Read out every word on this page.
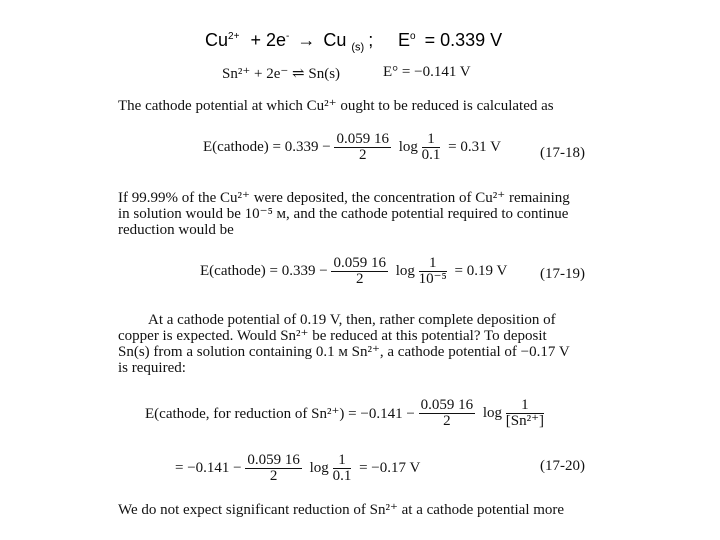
$Cu^{2+} + 2e^- \to Cu$ $_{(s)}$ ; $E^o = 0.339$ V
Sn²⁺ + 2e⁻ ⇌ Sn(s)	E° = −0.141 V
The cathode potential at which Cu²⁺ ought to be reduced is calculated as
E(cathode) = $0.339 - \frac{0.059 16}{2}$ $\log \frac{1}{0.1} = 0.31$ V	(17-18)
If 99.99% of the Cu²⁺ were deposited, the concentration of Cu²⁺ remaining
in solution would be 10⁻⁵ м, and the cathode potential required to continue
reduction would be
E(cathode) = $0.339 - \frac{0.059 16}{2}$ $\log \frac{1}{\text{10⁻⁵}} = 0.19$ V (17-19)
At a cathode potential of 0.19 V, then, rather complete deposition of
copper is expected. Would Sn²⁺ be reduced at this potential? To deposit
Sn(s) from a solution containing 0.1 м Sn²⁺, a cathode potential of −0.17 V
is required:
E(cathode, for reduction of $Sn^{2+}) = -0.141 - \frac{0.059 16}{2}$ $\log \frac{1}{\text{[Sn²⁺]}}$
= $-0.141 - \frac{0.059 16}{2}$ $\log \frac{1}{0.1} = -0.17$ V	(17-20)
We do not expect significant reduction of Sn²⁺ at a cathode potential more
